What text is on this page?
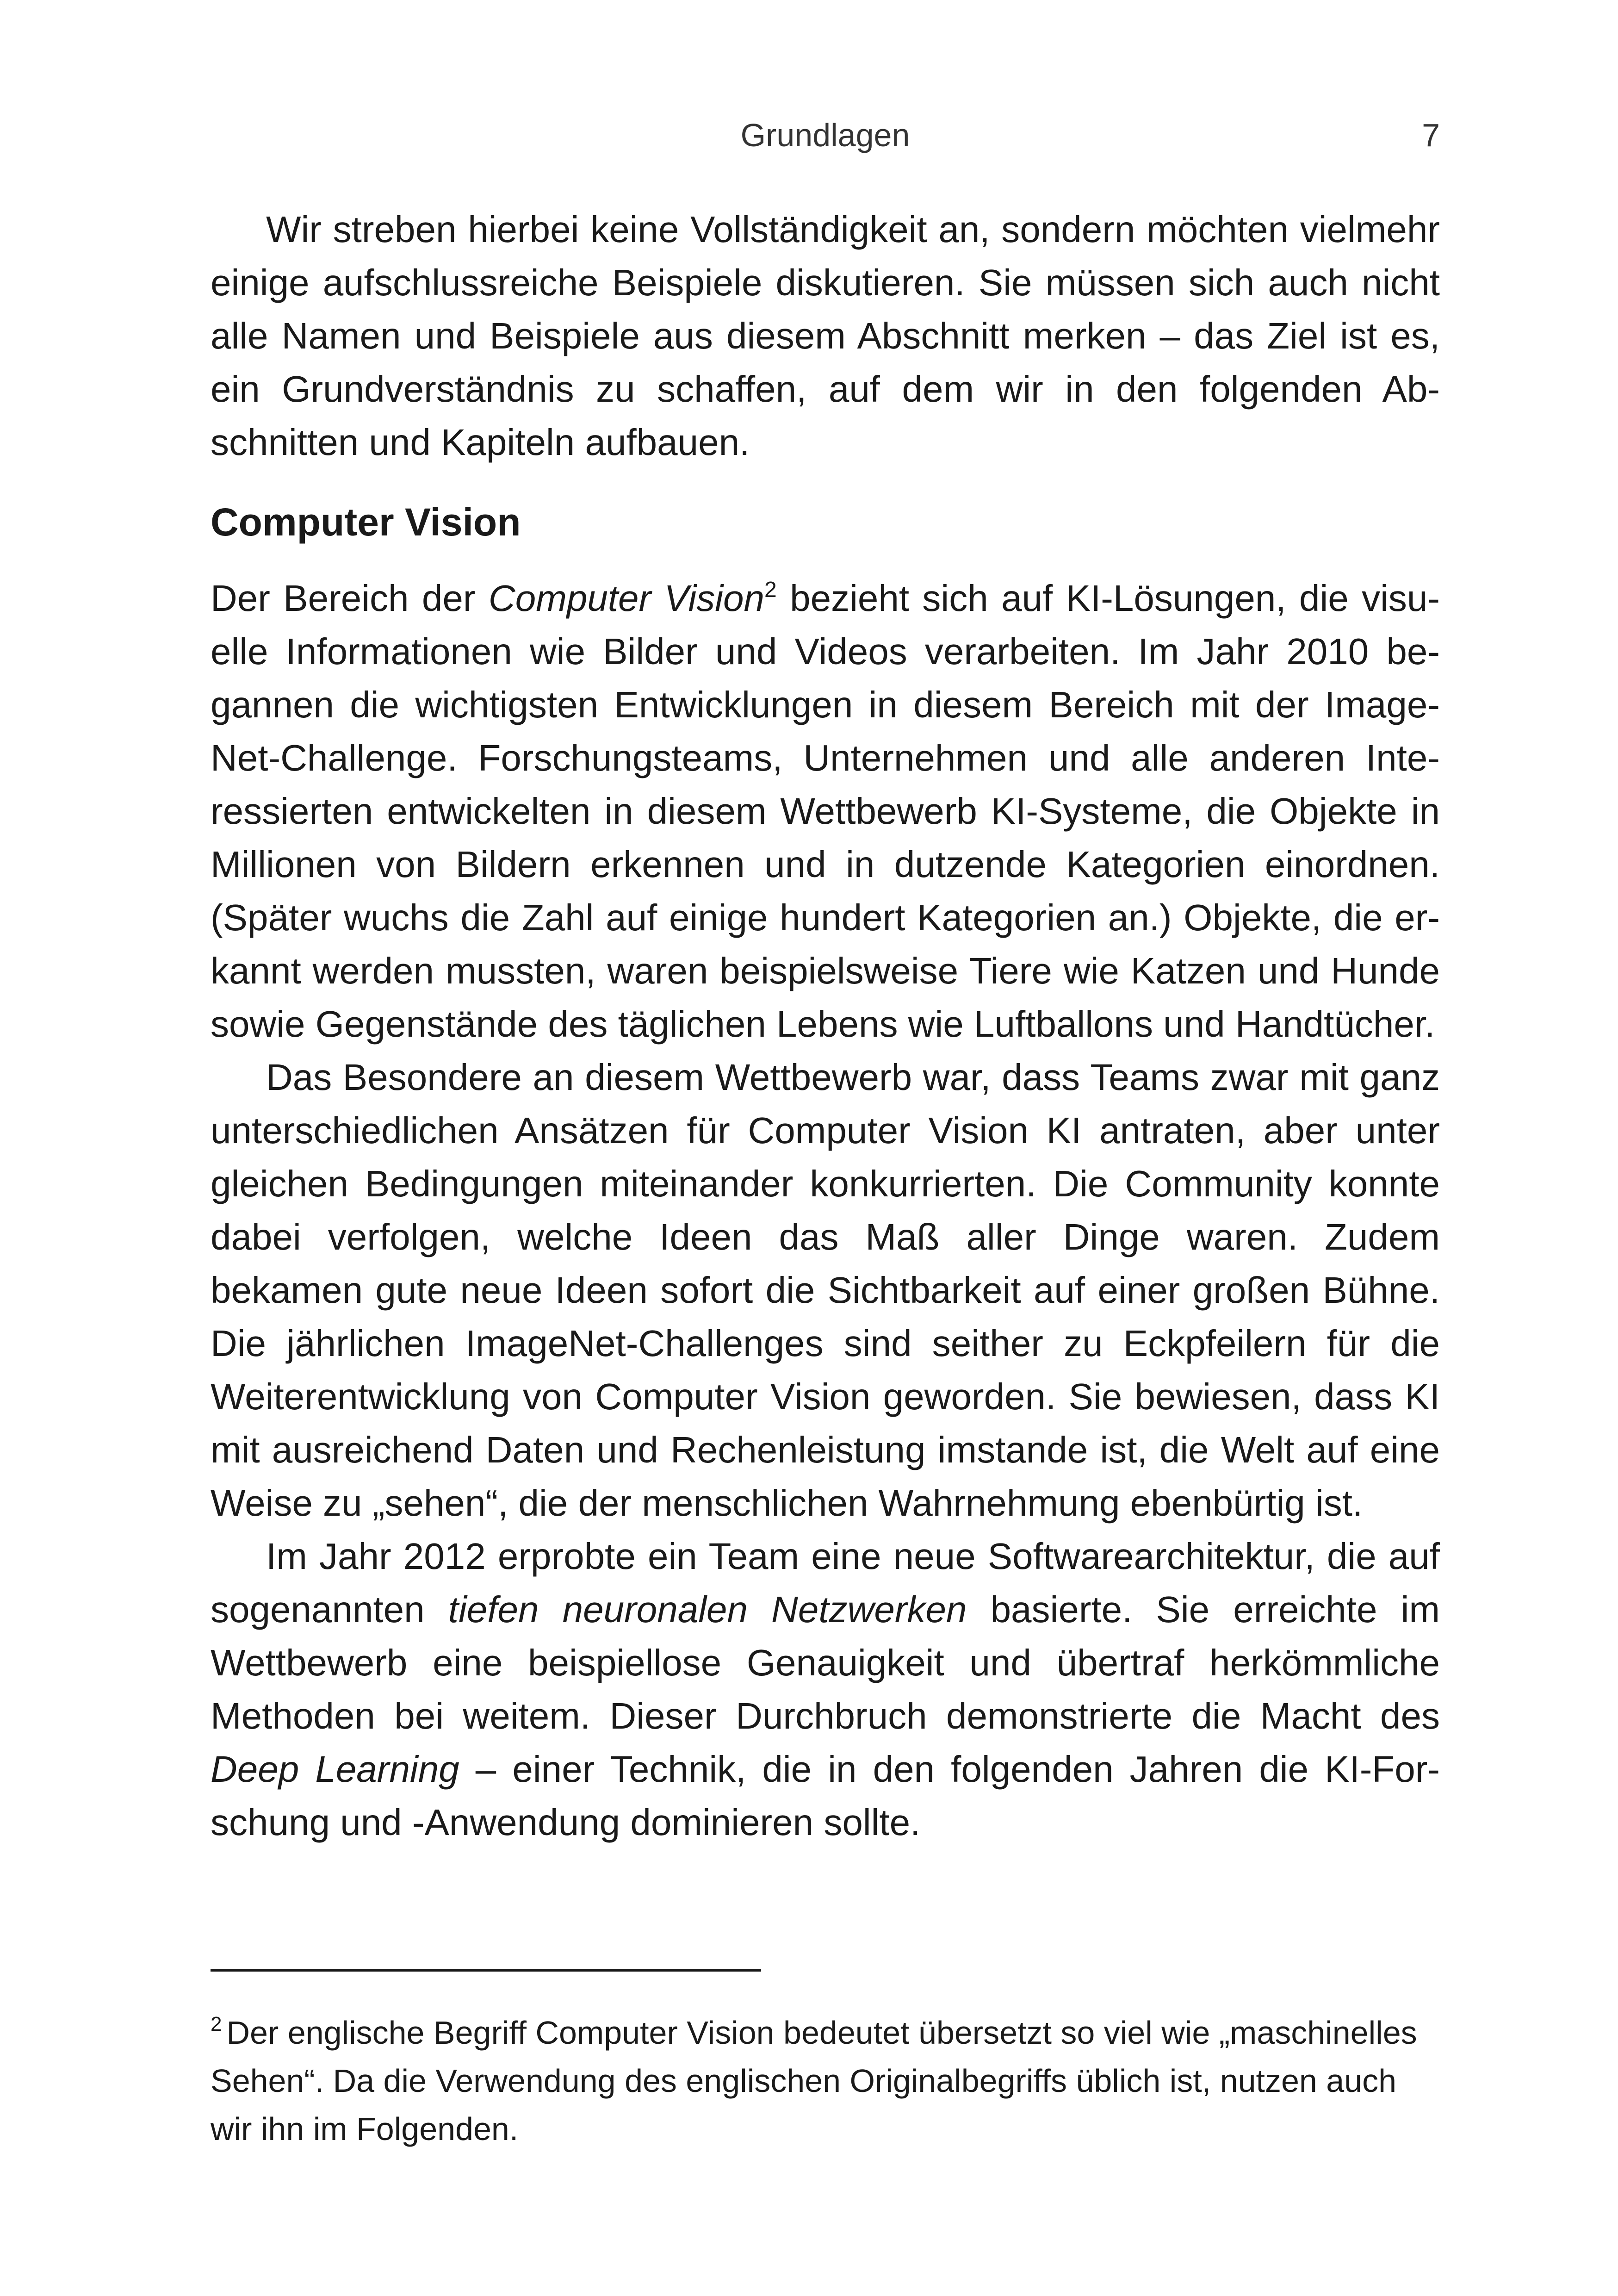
Grundlagen	7

Wir streben hierbei keine Vollständigkeit an, sondern möchten vielmehr einige aufschlussreiche Beispiele diskutieren. Sie müssen sich auch nicht alle Namen und Beispiele aus diesem Abschnitt merken – das Ziel ist es, ein Grundverständnis zu schaffen, auf dem wir in den folgenden Abschnitten und Kapiteln aufbauen.

Computer Vision

Der Bereich der Computer Vision$^2$ bezieht sich auf KI-Lösungen, die visuelle Informationen wie Bilder und Videos verarbeiten. Im Jahr 2010 begannen die wichtigsten Entwicklungen in diesem Bereich mit der ImageNet-Challenge. Forschungsteams, Unternehmen und alle anderen Interessierten entwickelten in diesem Wettbewerb KI-Systeme, die Objekte in Millionen von Bildern erkennen und in dutzende Kategorien einordnen. (Später wuchs die Zahl auf einige hundert Kategorien an.) Objekte, die erkannt werden mussten, waren beispielsweise Tiere wie Katzen und Hunde sowie Gegenstände des täglichen Lebens wie Luftballons und Handtücher.

Das Besondere an diesem Wettbewerb war, dass Teams zwar mit ganz unterschiedlichen Ansätzen für Computer Vision KI antraten, aber unter gleichen Bedingungen miteinander konkurrierten. Die Community konnte dabei verfolgen, welche Ideen das Maß aller Dinge waren. Zudem bekamen gute neue Ideen sofort die Sichtbarkeit auf einer großen Bühne. Die jährlichen ImageNet-Challenges sind seither zu Eckpfeilern für die Weiterentwicklung von Computer Vision geworden. Sie bewiesen, dass KI mit ausreichend Daten und Rechenleistung imstande ist, die Welt auf eine Weise zu „sehen“, die der menschlichen Wahrnehmung ebenbürtig ist.

Im Jahr 2012 erprobte ein Team eine neue Softwarearchitektur, die auf sogenannten tiefen neuronalen Netzwerken basierte. Sie erreichte im Wettbewerb eine beispiellose Genauigkeit und übertraf herkömmliche Methoden bei weitem. Dieser Durchbruch demonstrierte die Macht des Deep Learning – einer Technik, die in den folgenden Jahren die KI-Forschung und -Anwendung dominieren sollte.

$^2$ Der englische Begriff Computer Vision bedeutet übersetzt so viel wie „maschinelles Sehen“. Da die Verwendung des englischen Originalbegriffs üblich ist, nutzen auch wir ihn im Folgenden.
